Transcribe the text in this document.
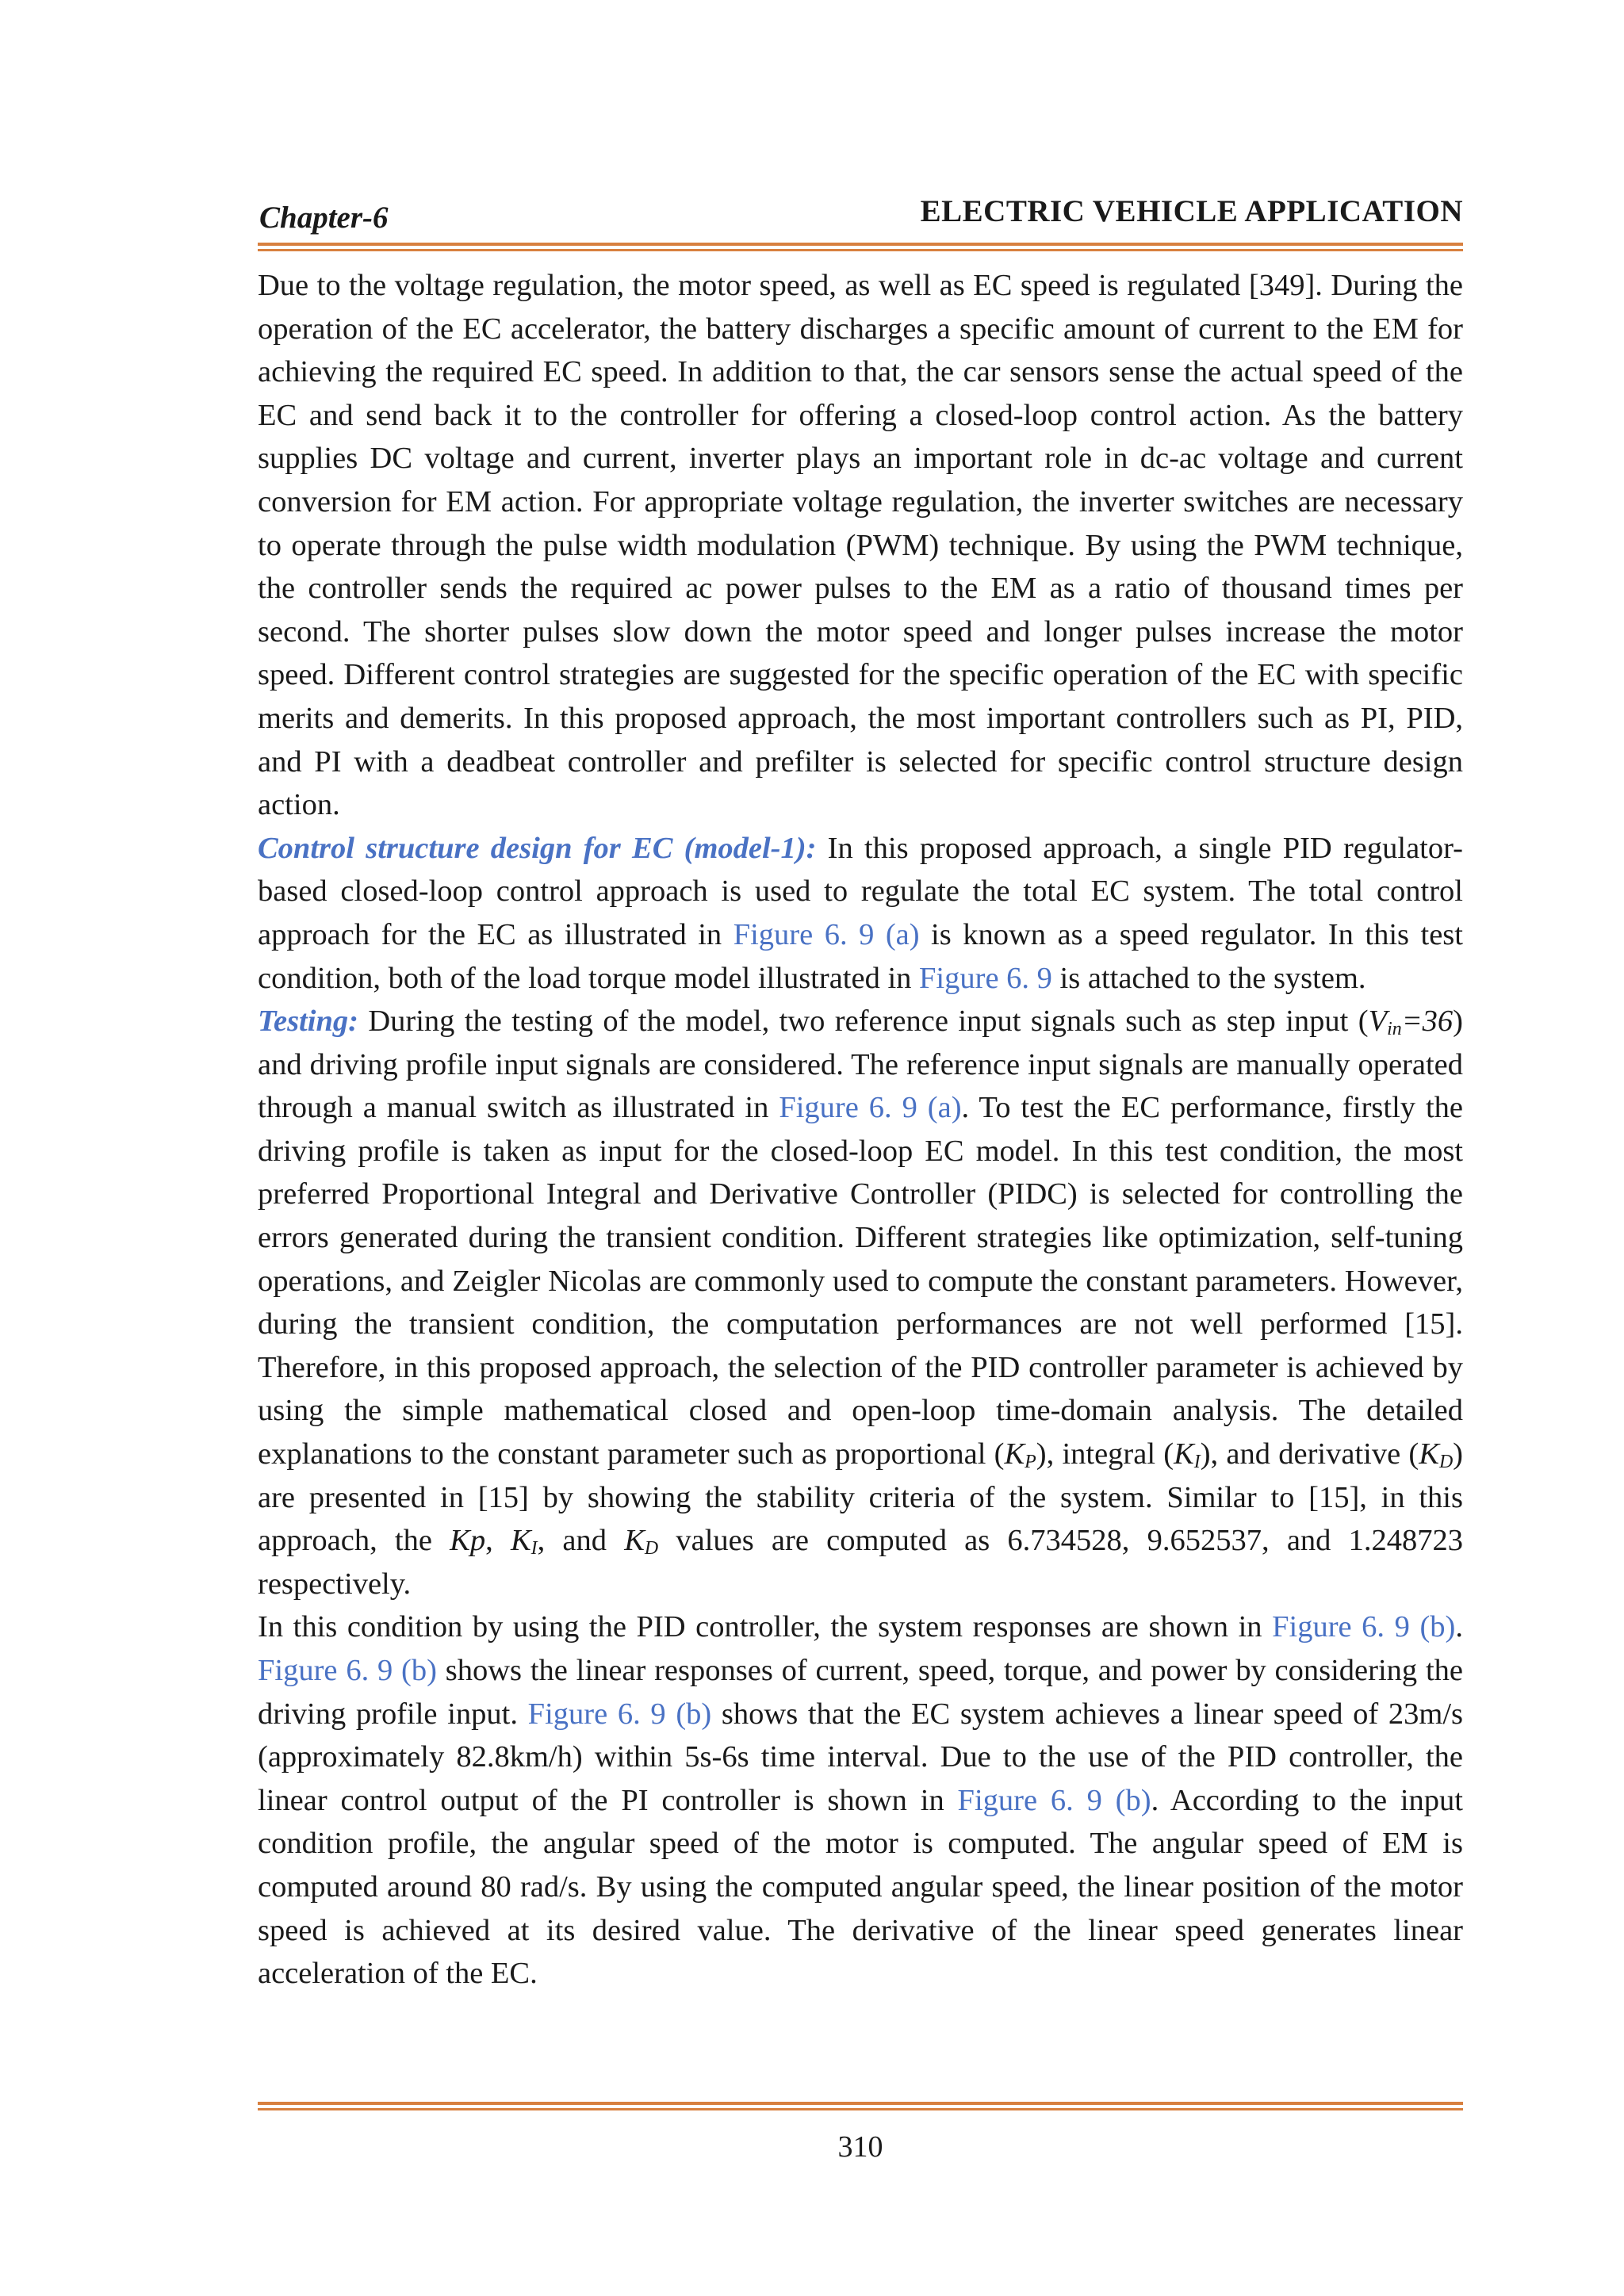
Chapter-6	ELECTRIC VEHICLE APPLICATION

Due to the voltage regulation, the motor speed, as well as EC speed is regulated [349]. During the operation of the EC accelerator, the battery discharges a specific amount of current to the EM for achieving the required EC speed. In addition to that, the car sensors sense the actual speed of the EC and send back it to the controller for offering a closed-loop control action. As the battery supplies DC voltage and current, inverter plays an important role in dc-ac voltage and current conversion for EM action. For appropriate voltage regulation, the inverter switches are necessary to operate through the pulse width modulation (PWM) technique. By using the PWM technique, the controller sends the required ac power pulses to the EM as a ratio of thousand times per second. The shorter pulses slow down the motor speed and longer pulses increase the motor speed. Different control strategies are suggested for the specific operation of the EC with specific merits and demerits. In this proposed approach, the most important controllers such as PI, PID, and PI with a deadbeat controller and prefilter is selected for specific control structure design action.

Control structure design for EC (model-1): In this proposed approach, a single PID regulator-based closed-loop control approach is used to regulate the total EC system. The total control approach for the EC as illustrated in Figure 6. 9 (a) is known as a speed regulator. In this test condition, both of the load torque model illustrated in Figure 6. 9 is attached to the system.

Testing: During the testing of the model, two reference input signals such as step input $(V_{in}=36)$ and driving profile input signals are considered. The reference input signals are manually operated through a manual switch as illustrated in Figure 6. 9 (a). To test the EC performance, firstly the driving profile is taken as input for the closed-loop EC model. In this test condition, the most preferred Proportional Integral and Derivative Controller (PIDC) is selected for controlling the errors generated during the transient condition. Different strategies like optimization, self-tuning operations, and Zeigler Nicolas are commonly used to compute the constant parameters. However, during the transient condition, the computation performances are not well performed [15]. Therefore, in this proposed approach, the selection of the PID controller parameter is achieved by using the simple mathematical closed and open-loop time-domain analysis. The detailed explanations to the constant parameter such as proportional $(K_P)$, integral $(K_I)$, and derivative $(K_D)$ are presented in [15] by showing the stability criteria of the system. Similar to [15], in this approach, the Kp, $K_I$, and $K_D$ values are computed as 6.734528, 9.652537, and 1.248723 respectively.

In this condition by using the PID controller, the system responses are shown in Figure 6. 9 (b). Figure 6. 9 (b) shows the linear responses of current, speed, torque, and power by considering the driving profile input. Figure 6. 9 (b) shows that the EC system achieves a linear speed of 23m/s (approximately 82.8km/h) within 5s-6s time interval. Due to the use of the PID controller, the linear control output of the PI controller is shown in Figure 6. 9 (b). According to the input condition profile, the angular speed of the motor is computed. The angular speed of EM is computed around 80 rad/s. By using the computed angular speed, the linear position of the motor speed is achieved at its desired value. The derivative of the linear speed generates linear acceleration of the EC.

310
